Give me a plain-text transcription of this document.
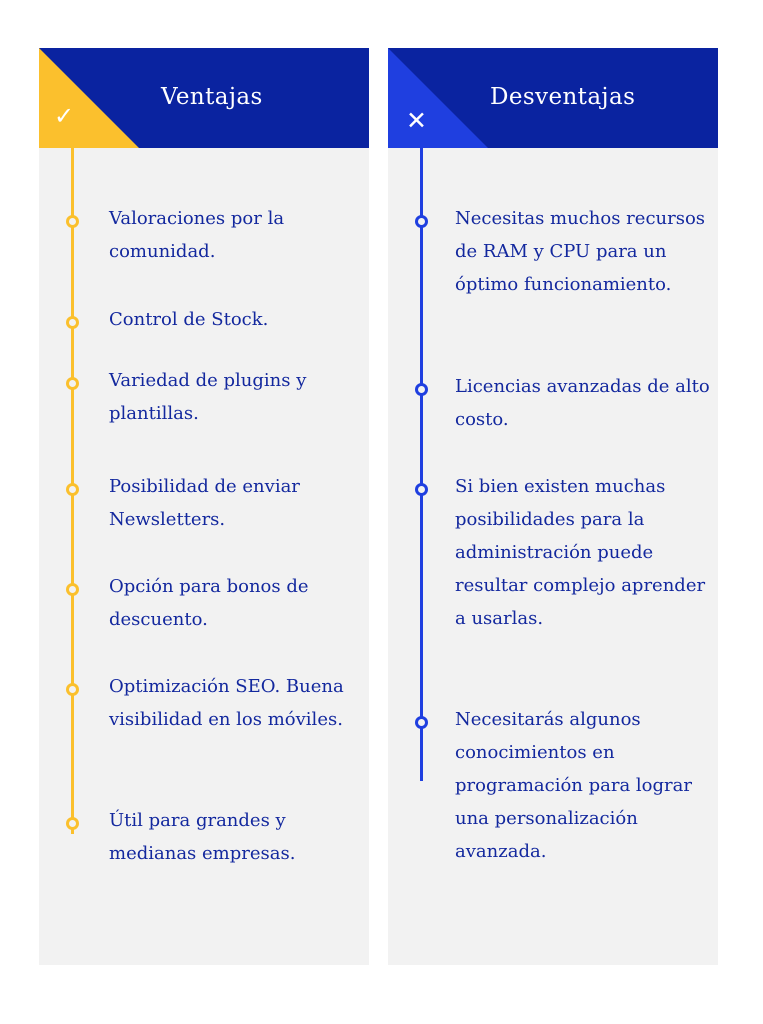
✓
Ventajas

Valoraciones por la comunidad.

Control de Stock.

Variedad de plugins y plantillas.

Posibilidad de enviar Newsletters.

Opción para bonos de descuento.

Optimización SEO. Buena visibilidad en los móviles.

Útil para grandes y medianas empresas.

✕
Desventajas

Necesitas muchos recursos de RAM y CPU para un óptimo funcionamiento.

Licencias avanzadas de alto costo.

Si bien existen muchas posibilidades para la administración puede resultar complejo aprender a usarlas.

Necesitarás algunos conocimientos en programación para lograr una personalización avanzada.
